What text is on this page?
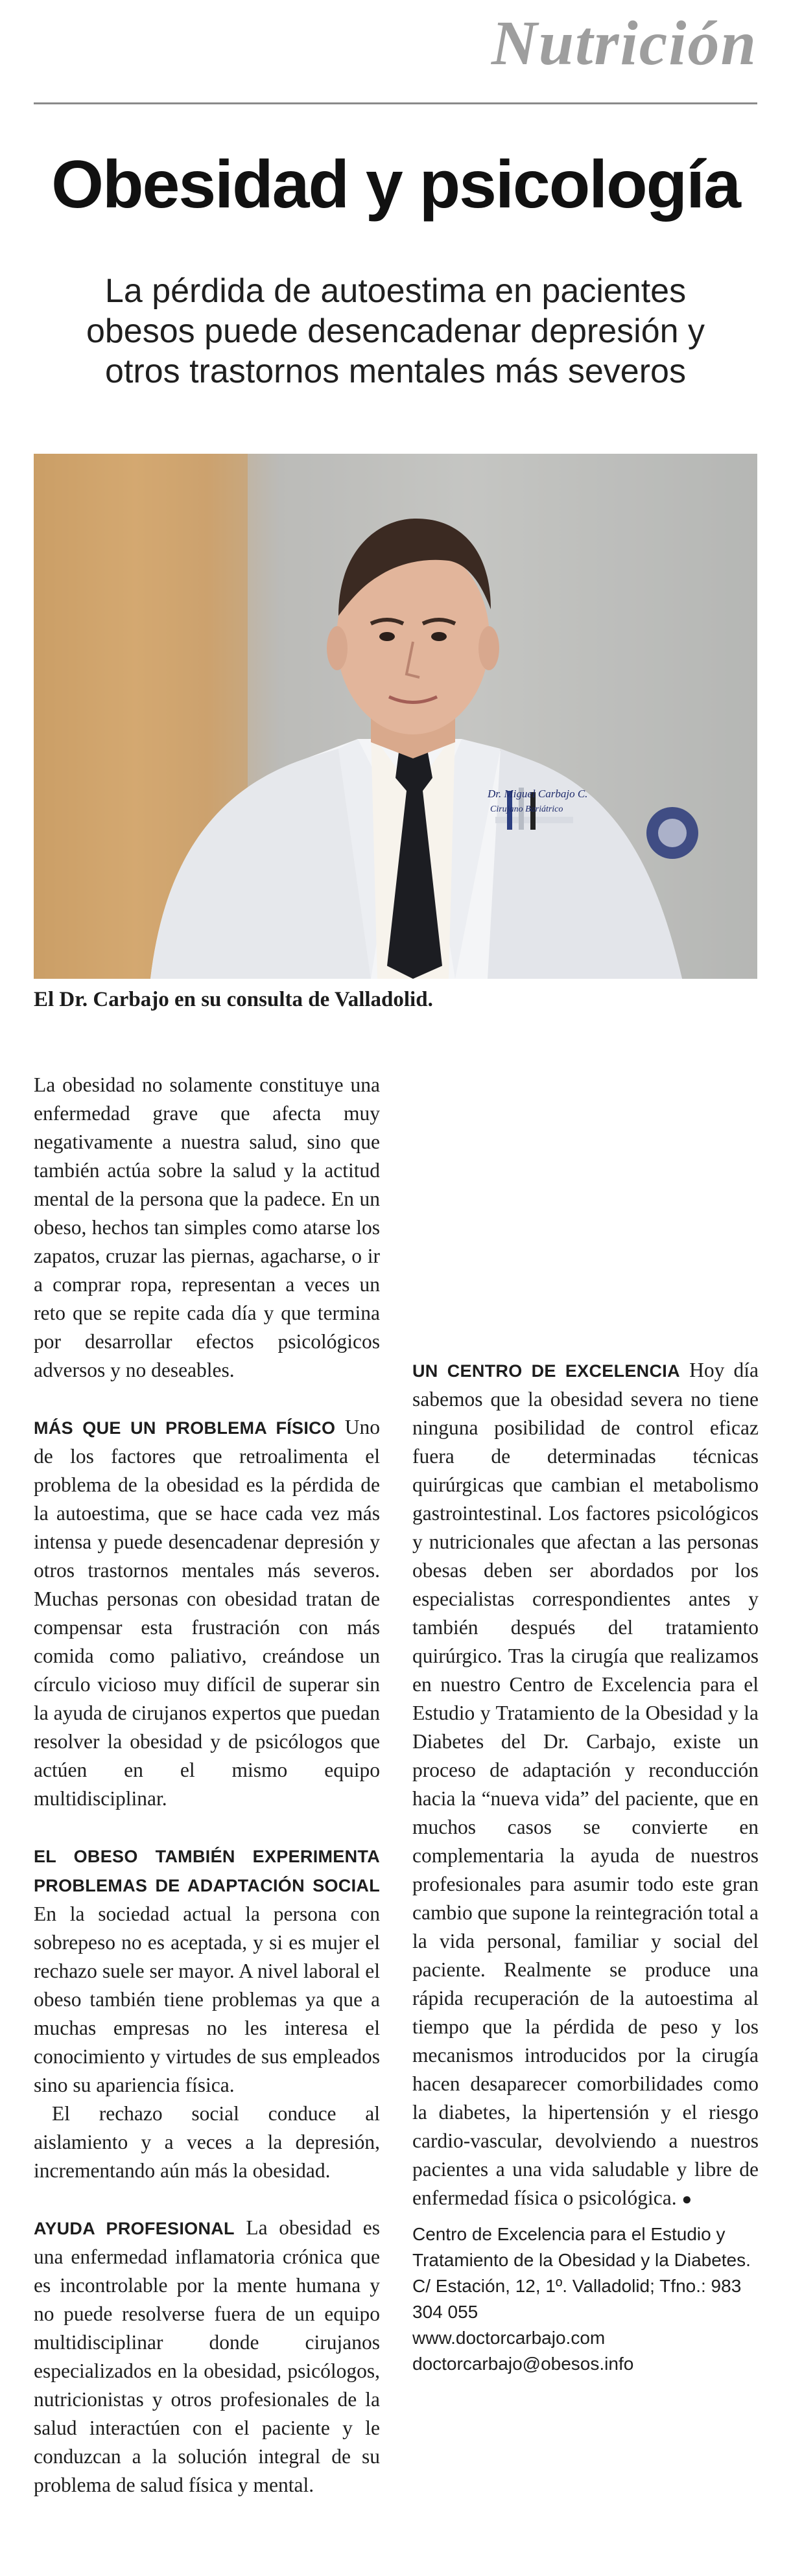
Nutrición
Obesidad y psicología
La pérdida de autoestima en pacientes obesos puede desencadenar depresión y otros trastornos mentales más severos
Dr. Miguel Carbajo C.
Cirujano Bariátrico
El Dr. Carbajo en su consulta de Valladolid.

La obesidad no solamente constituye una enfermedad grave que afecta muy negativamente a nuestra salud, sino que también actúa sobre la salud y la actitud mental de la persona que la padece. En un obeso, hechos tan simples como atarse los zapatos, cruzar las piernas, agacharse, o ir a comprar ropa, representan a veces un reto que se repite cada día y que termina por desarrollar efectos psicológicos adversos y no deseables.

MÁS QUE UN PROBLEMA FÍSICO Uno de los factores que retroalimenta el problema de la obesidad es la pérdida de la autoestima, que se hace cada vez más intensa y puede desencadenar depresión y otros trastornos mentales más severos. Muchas personas con obesidad tratan de compensar esta frustración con más comida como paliativo, creándose un círculo vicioso muy difícil de superar sin la ayuda de cirujanos expertos que puedan resolver la obesidad y de psicólogos que actúen en el mismo equipo multidisciplinar.

EL OBESO TAMBIÉN EXPERIMENTA PROBLEMAS DE ADAPTACIÓN SOCIAL En la sociedad actual la persona con sobrepeso no es aceptada, y si es mujer el rechazo suele ser mayor. A nivel laboral el obeso también tiene problemas ya que a muchas empresas no les interesa el conocimiento y virtudes de sus empleados sino su apariencia física.

El rechazo social conduce al aislamiento y a veces a la depresión, incrementando aún más la obesidad.

AYUDA PROFESIONAL La obesidad es una enfermedad inflamatoria crónica que es incontrolable por la mente humana y no puede resolverse fuera de un equipo multidisciplinar donde cirujanos especializados en la obesidad, psicólogos, nutricionistas y otros profesionales de la salud interactúen con el paciente y le conduzcan a la solución integral de su problema de salud física y mental.

UN CENTRO DE EXCELENCIA Hoy día sabemos que la obesidad severa no tiene ninguna posibilidad de control eficaz fuera de determinadas técnicas quirúrgicas que cambian el metabolismo gastrointestinal. Los factores psicológicos y nutricionales que afectan a las personas obesas deben ser abordados por los especialistas correspondientes antes y también después del tratamiento quirúrgico. Tras la cirugía que realizamos en nuestro Centro de Excelencia para el Estudio y Tratamiento de la Obesidad y la Diabetes del Dr. Carbajo, existe un proceso de adaptación y reconducción hacia la “nueva vida” del paciente, que en muchos casos se convierte en complementaria la ayuda de nuestros profesionales para asumir todo este gran cambio que supone la reintegración total a la vida personal, familiar y social del paciente. Realmente se produce una rápida recuperación de la autoestima al tiempo que la pérdida de peso y los mecanismos introducidos por la cirugía hacen desaparecer comorbilidades como la diabetes, la hipertensión y el riesgo cardio-vascular, devolviendo a nuestros pacientes a una vida saludable y libre de enfermedad física o psicológica. ●

Centro de Excelencia para el Estudio y Tratamiento de la Obesidad y la Diabetes. C/ Estación, 12, 1º. Valladolid; Tfno.: 983 304 055
www.doctorcarbajo.com
doctorcarbajo@obesos.info
